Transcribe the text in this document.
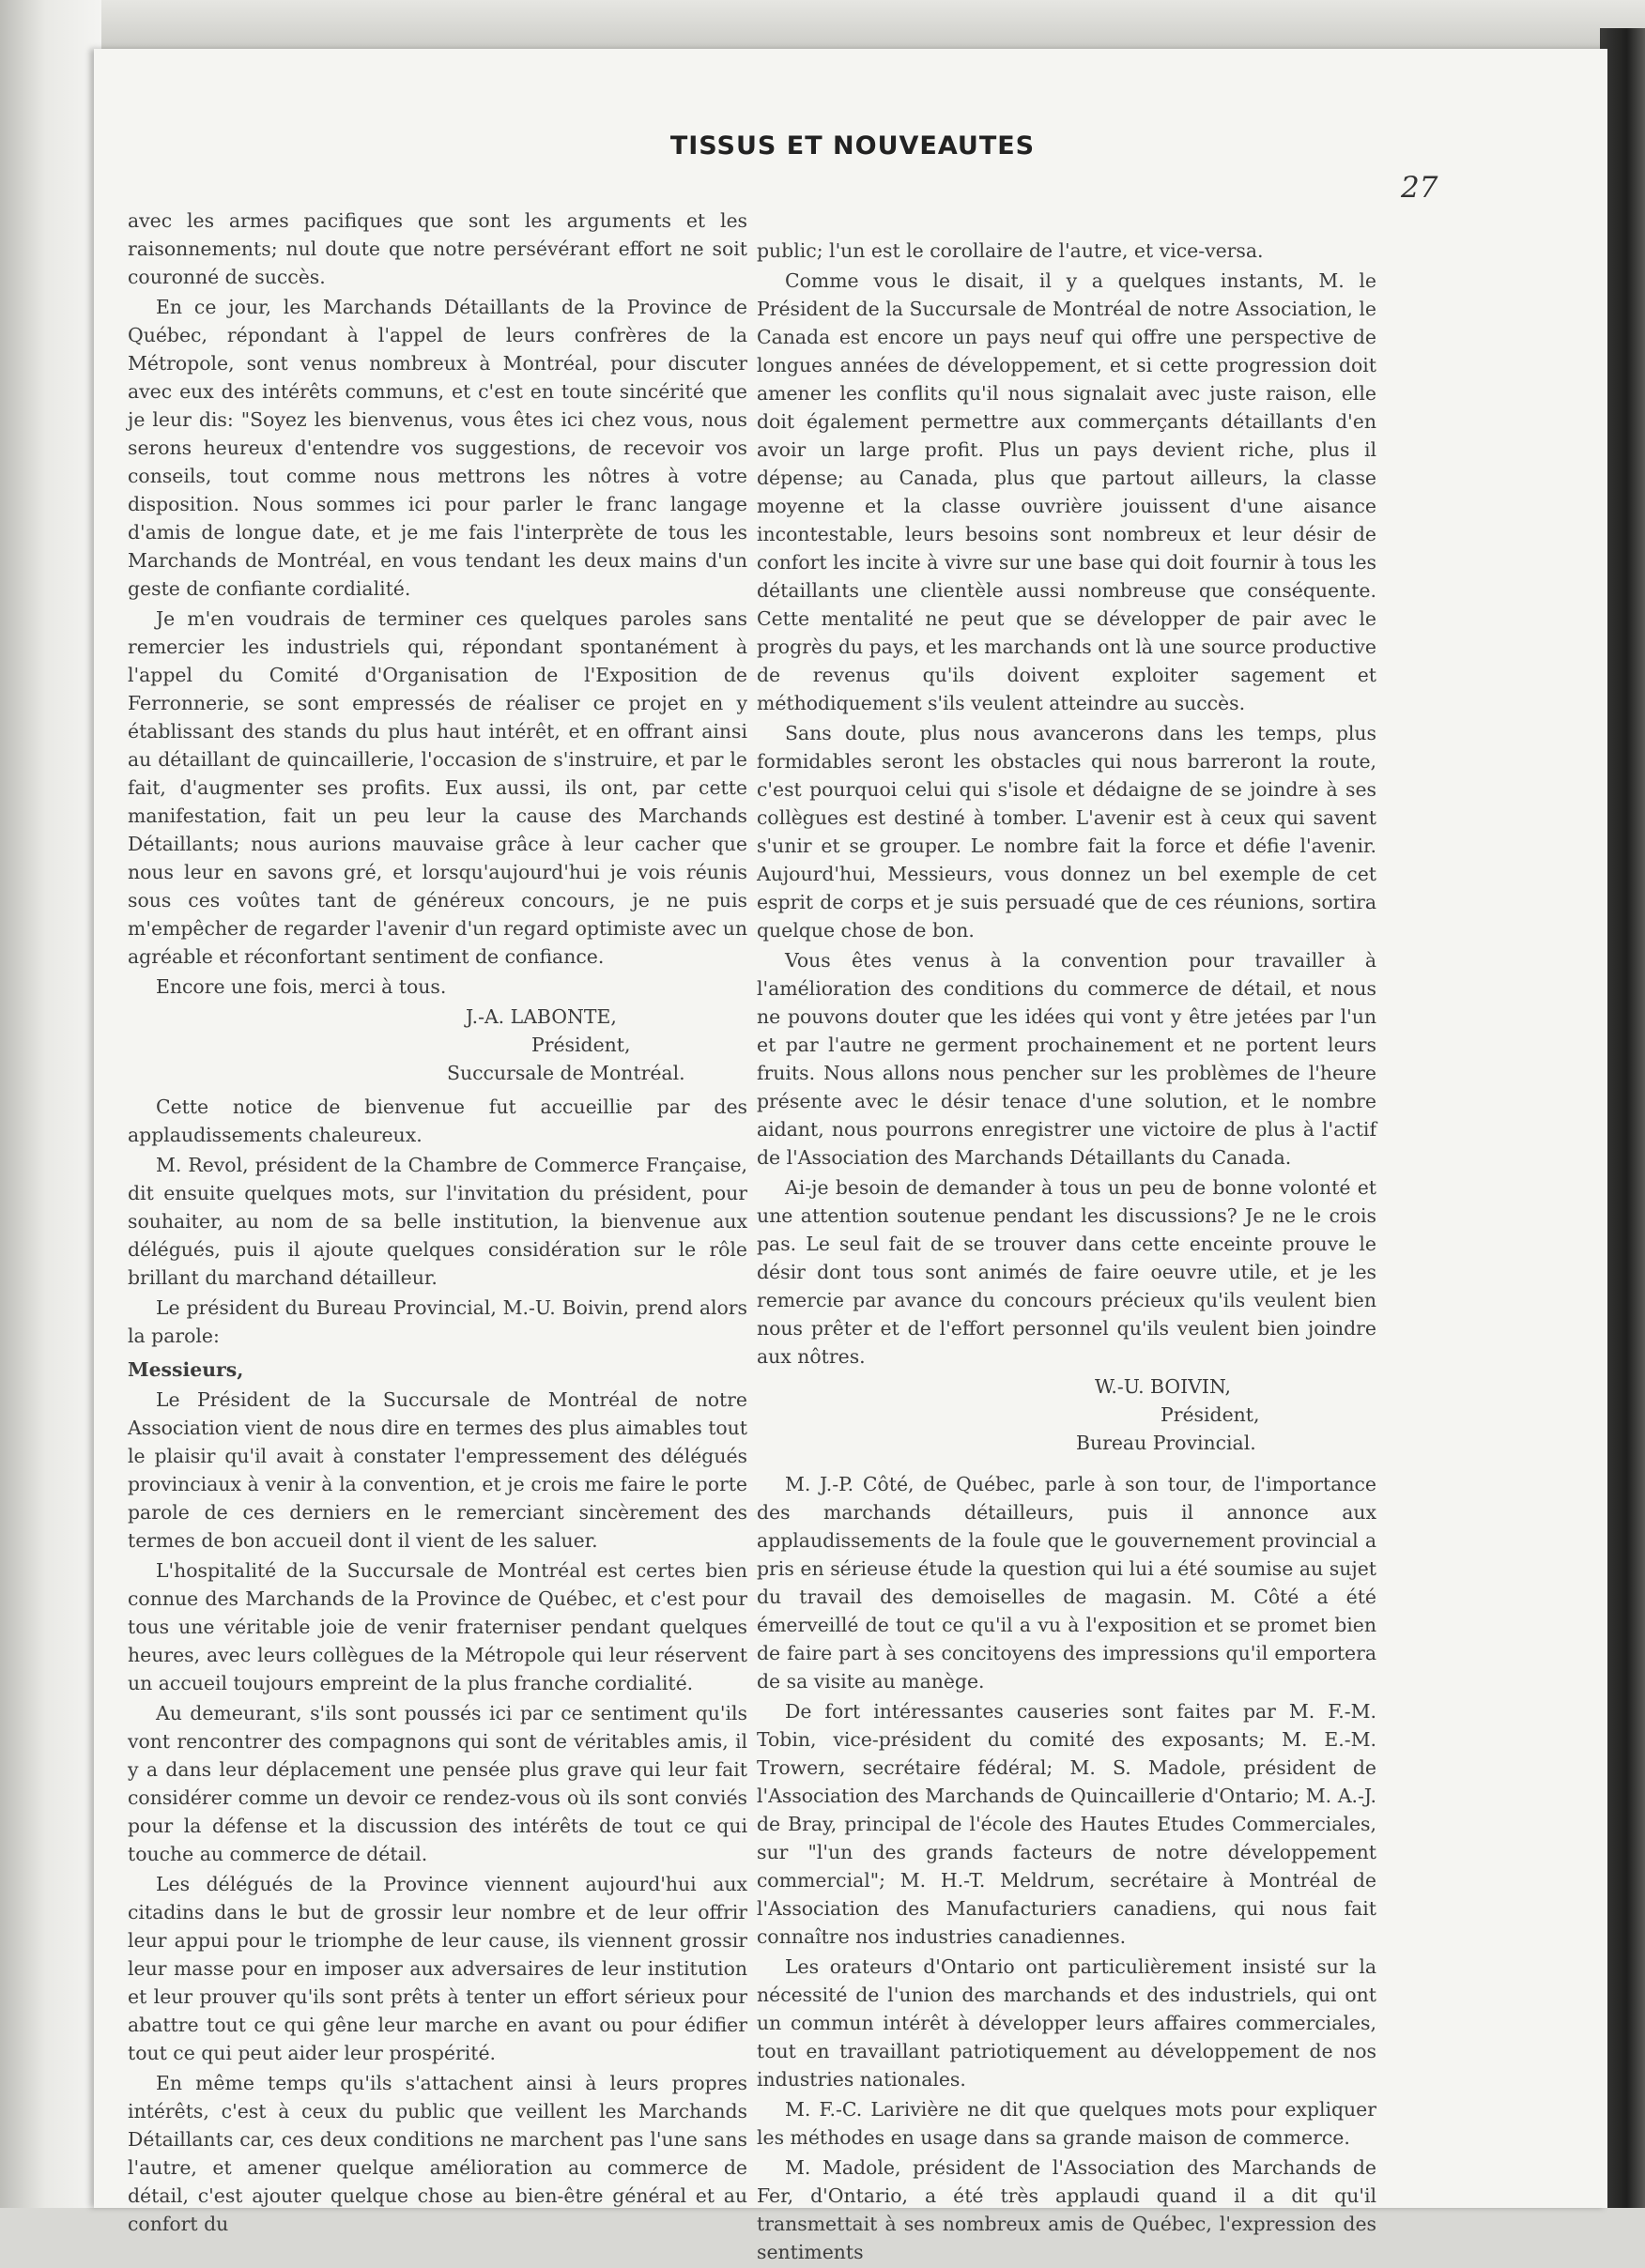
TISSUS ET NOUVEAUTES
27

avec les armes pacifiques que sont les arguments et les raisonnements; nul doute que notre persévérant effort ne soit couronné de succès.

En ce jour, les Marchands Détaillants de la Province de Québec, répondant à l'appel de leurs confrères de la Métropole, sont venus nombreux à Montréal, pour discuter avec eux des intérêts communs, et c'est en toute sincérité que je leur dis: "Soyez les bienvenus, vous êtes ici chez vous, nous serons heureux d'entendre vos suggestions, de recevoir vos conseils, tout comme nous mettrons les nôtres à votre disposition. Nous sommes ici pour parler le franc langage d'amis de longue date, et je me fais l'interprète de tous les Marchands de Montréal, en vous tendant les deux mains d'un geste de confiante cordialité.

Je m'en voudrais de terminer ces quelques paroles sans remercier les industriels qui, répondant spontanément à l'appel du Comité d'Organisation de l'Exposition de Ferronnerie, se sont empressés de réaliser ce projet en y établissant des stands du plus haut intérêt, et en offrant ainsi au détaillant de quincaillerie, l'occasion de s'instruire, et par le fait, d'augmenter ses profits. Eux aussi, ils ont, par cette manifestation, fait un peu leur la cause des Marchands Détaillants; nous aurions mauvaise grâce à leur cacher que nous leur en savons gré, et lorsqu'aujourd'hui je vois réunis sous ces voûtes tant de généreux concours, je ne puis m'empêcher de regarder l'avenir d'un regard optimiste avec un agréable et réconfortant sentiment de confiance.

Encore une fois, merci à tous.

J.-A. LABONTE,
Président,
Succursale de Montréal.

Cette notice de bienvenue fut accueillie par des applaudissements chaleureux.

M. Revol, président de la Chambre de Commerce Française, dit ensuite quelques mots, sur l'invitation du président, pour souhaiter, au nom de sa belle institution, la bienvenue aux délégués, puis il ajoute quelques considération sur le rôle brillant du marchand détailleur.

Le président du Bureau Provincial, M.-U. Boivin, prend alors la parole:

Messieurs,

Le Président de la Succursale de Montréal de notre Association vient de nous dire en termes des plus aimables tout le plaisir qu'il avait à constater l'empressement des délégués provinciaux à venir à la convention, et je crois me faire le porte parole de ces derniers en le remerciant sincèrement des termes de bon accueil dont il vient de les saluer.

L'hospitalité de la Succursale de Montréal est certes bien connue des Marchands de la Province de Québec, et c'est pour tous une véritable joie de venir fraterniser pendant quelques heures, avec leurs collègues de la Métropole qui leur réservent un accueil toujours empreint de la plus franche cordialité.

Au demeurant, s'ils sont poussés ici par ce sentiment qu'ils vont rencontrer des compagnons qui sont de véritables amis, il y a dans leur déplacement une pensée plus grave qui leur fait considérer comme un devoir ce rendez-vous où ils sont conviés pour la défense et la discussion des intérêts de tout ce qui touche au commerce de détail.

Les délégués de la Province viennent aujourd'hui aux citadins dans le but de grossir leur nombre et de leur offrir leur appui pour le triomphe de leur cause, ils viennent grossir leur masse pour en imposer aux adversaires de leur institution et leur prouver qu'ils sont prêts à tenter un effort sérieux pour abattre tout ce qui gêne leur marche en avant ou pour édifier tout ce qui peut aider leur prospérité.

En même temps qu'ils s'attachent ainsi à leurs propres intérêts, c'est à ceux du public que veillent les Marchands Détaillants car, ces deux conditions ne marchent pas l'une sans l'autre, et amener quelque amélioration au commerce de détail, c'est ajouter quelque chose au bien-être général et au confort du

public; l'un est le corollaire de l'autre, et vice-versa.

Comme vous le disait, il y a quelques instants, M. le Président de la Succursale de Montréal de notre Association, le Canada est encore un pays neuf qui offre une perspective de longues années de développement, et si cette progression doit amener les conflits qu'il nous signalait avec juste raison, elle doit également permettre aux commerçants détaillants d'en avoir un large profit. Plus un pays devient riche, plus il dépense; au Canada, plus que partout ailleurs, la classe moyenne et la classe ouvrière jouissent d'une aisance incontestable, leurs besoins sont nombreux et leur désir de confort les incite à vivre sur une base qui doit fournir à tous les détaillants une clientèle aussi nombreuse que conséquente. Cette mentalité ne peut que se développer de pair avec le progrès du pays, et les marchands ont là une source productive de revenus qu'ils doivent exploiter sagement et méthodiquement s'ils veulent atteindre au succès.

Sans doute, plus nous avancerons dans les temps, plus formidables seront les obstacles qui nous barreront la route, c'est pourquoi celui qui s'isole et dédaigne de se joindre à ses collègues est destiné à tomber. L'avenir est à ceux qui savent s'unir et se grouper. Le nombre fait la force et défie l'avenir. Aujourd'hui, Messieurs, vous donnez un bel exemple de cet esprit de corps et je suis persuadé que de ces réunions, sortira quelque chose de bon.

Vous êtes venus à la convention pour travailler à l'amélioration des conditions du commerce de détail, et nous ne pouvons douter que les idées qui vont y être jetées par l'un et par l'autre ne germent prochainement et ne portent leurs fruits. Nous allons nous pencher sur les problèmes de l'heure présente avec le désir tenace d'une solution, et le nombre aidant, nous pourrons enregistrer une victoire de plus à l'actif de l'Association des Marchands Détaillants du Canada.

Ai-je besoin de demander à tous un peu de bonne volonté et une attention soutenue pendant les discussions? Je ne le crois pas. Le seul fait de se trouver dans cette enceinte prouve le désir dont tous sont animés de faire oeuvre utile, et je les remercie par avance du concours précieux qu'ils veulent bien nous prêter et de l'effort personnel qu'ils veulent bien joindre aux nôtres.

W.-U. BOIVIN,
Président,
Bureau Provincial.

M. J.-P. Côté, de Québec, parle à son tour, de l'importance des marchands détailleurs, puis il annonce aux applaudissements de la foule que le gouvernement provincial a pris en sérieuse étude la question qui lui a été soumise au sujet du travail des demoiselles de magasin. M. Côté a été émerveillé de tout ce qu'il a vu à l'exposition et se promet bien de faire part à ses concitoyens des impressions qu'il emportera de sa visite au manège.

De fort intéressantes causeries sont faites par M. F.-M. Tobin, vice-président du comité des exposants; M. E.-M. Trowern, secrétaire fédéral; M. S. Madole, président de l'Association des Marchands de Quincaillerie d'Ontario; M. A.-J. de Bray, principal de l'école des Hautes Etudes Commerciales, sur "l'un des grands facteurs de notre développement commercial"; M. H.-T. Meldrum, secrétaire à Montréal de l'Association des Manufacturiers canadiens, qui nous fait connaître nos industries canadiennes.

Les orateurs d'Ontario ont particulièrement insisté sur la nécessité de l'union des marchands et des industriels, qui ont un commun intérêt à développer leurs affaires commerciales, tout en travaillant patriotiquement au développement de nos industries nationales.

M. F.-C. Larivière ne dit que quelques mots pour expliquer les méthodes en usage dans sa grande maison de commerce.

M. Madole, président de l'Association des Marchands de Fer, d'Ontario, a été très applaudi quand il a dit qu'il transmettait à ses nombreux amis de Québec, l'expression des sentiments
